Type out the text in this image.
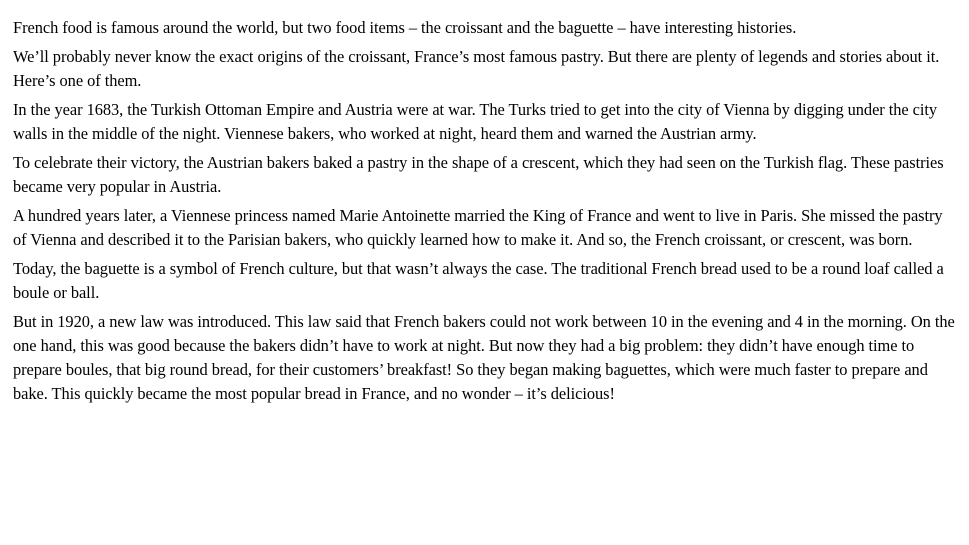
French food is famous around the world, but two food items – the croissant and the baguette – have interesting histories.

We’ll probably never know the exact origins of the croissant, France’s most famous pastry. But there are plenty of legends and stories about it. Here’s one of them.

In the year 1683, the Turkish Ottoman Empire and Austria were at war. The Turks tried to get into the city of Vienna by digging under the city walls in the middle of the night. Viennese bakers, who worked at night, heard them and warned the Austrian army.

To celebrate their victory, the Austrian bakers baked a pastry in the shape of a crescent, which they had seen on the Turkish flag. These pastries became very popular in Austria.

A hundred years later, a Viennese princess named Marie Antoinette married the King of France and went to live in Paris. She missed the pastry of Vienna and described it to the Parisian bakers, who quickly learned how to make it. And so, the French croissant, or crescent, was born.

Today, the baguette is a symbol of French culture, but that wasn’t always the case. The traditional French bread used to be a round loaf called a boule or ball.

But in 1920, a new law was introduced. This law said that French bakers could not work between 10 in the evening and 4 in the morning. On the one hand, this was good because the bakers didn’t have to work at night. But now they had a big problem: they didn’t have enough time to prepare boules, that big round bread, for their customers’ breakfast! So they began making baguettes, which were much faster to prepare and bake. This quickly became the most popular bread in France, and no wonder – it’s delicious!
